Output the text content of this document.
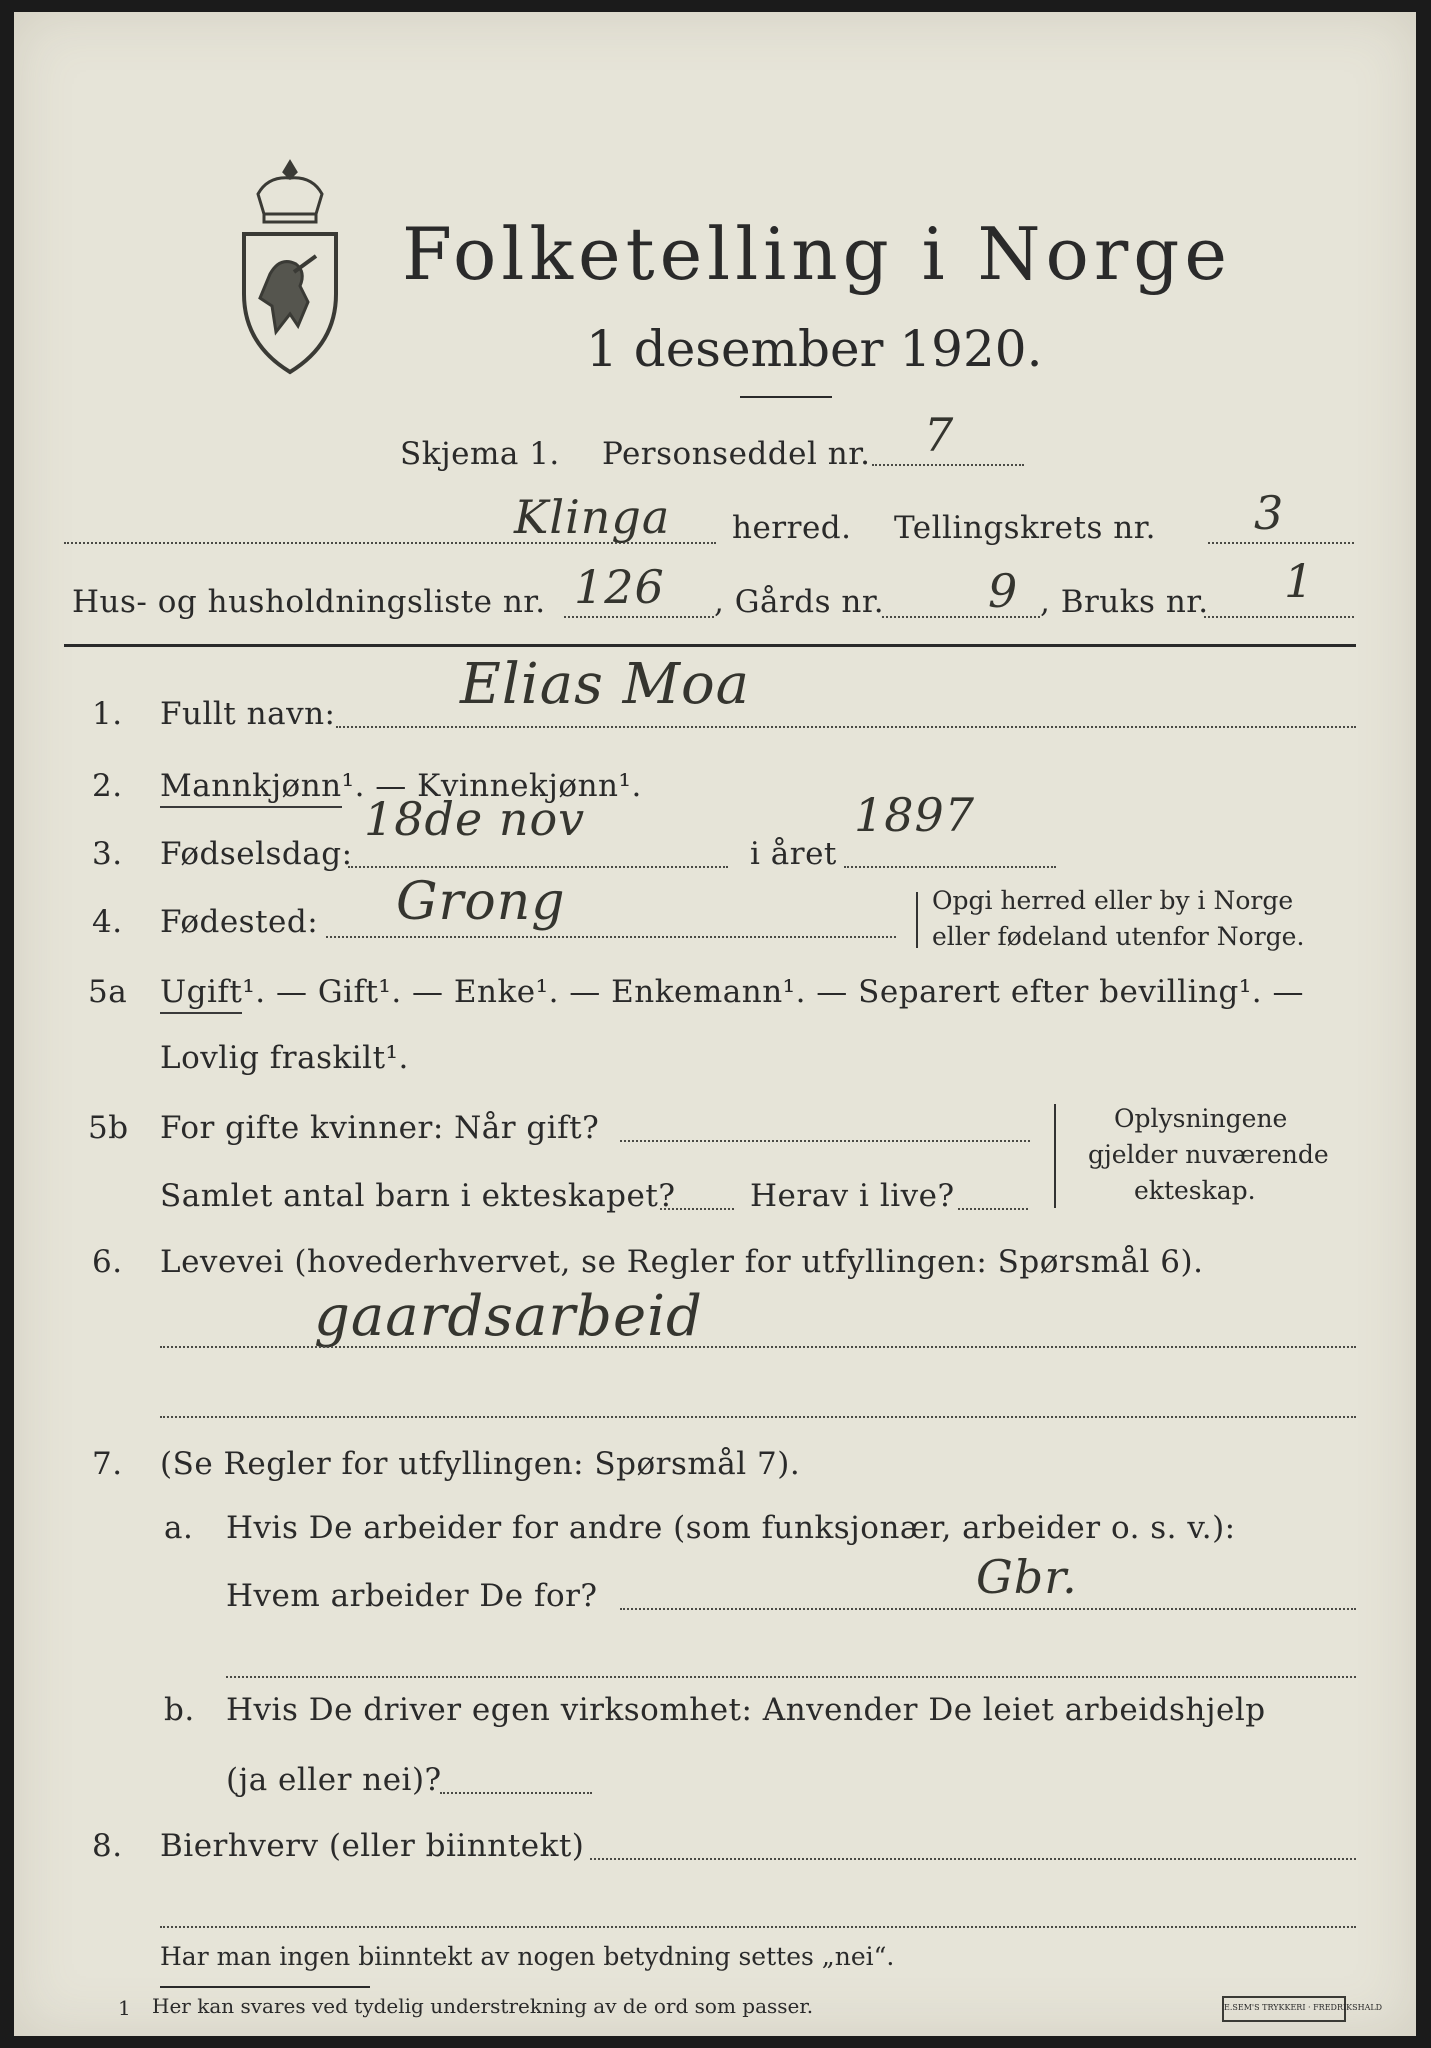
Folketelling i Norge
1 desember 1920.
Skjema 1. Personseddel nr. 7
Klinga herred. Tellingskrets nr. 3
Hus- og husholdningsliste nr. 126 , Gårds nr. 9 , Bruks nr. 1
1. Fullt navn: Elias Moa
2. Mannkjønn¹. — Kvinnekjønn¹.
3. Fødselsdag:
18de nov
i året
1897
4. Fødested: Grong	Opgi herred eller by i Norge
eller fødeland utenfor Norge.
5a Ugift¹. — Gift¹. — Enke¹. — Enkemann¹. — Separert efter bevilling¹. —
Lovlig fraskilt¹.
5b For gifte kvinner: Når gift?
Samlet antal barn i ekteskapet? Herav i live?
Oplysningene
gjelder nuværende
ekteskap.
6. Levevei (hovederhvervet, se Regler for utfyllingen: Spørsmål 6).
gaardsarbeid
7. (Se Regler for utfyllingen: Spørsmål 7).
a. Hvis De arbeider for andre (som funksjonær, arbeider o. s. v.):
Hvem arbeider De for?	Gbr.
b. Hvis De driver egen virksomhet: Anvender De leiet arbeidshjelp
(ja eller nei)?
8. Bierhverv (eller biinntekt)
Har man ingen biinntekt av nogen betydning settes „nei“.
1 Her kan svares ved tydelig understrekning av de ord som passer.	E.SEM'S TRYKKERI · FREDRIKSHALD
